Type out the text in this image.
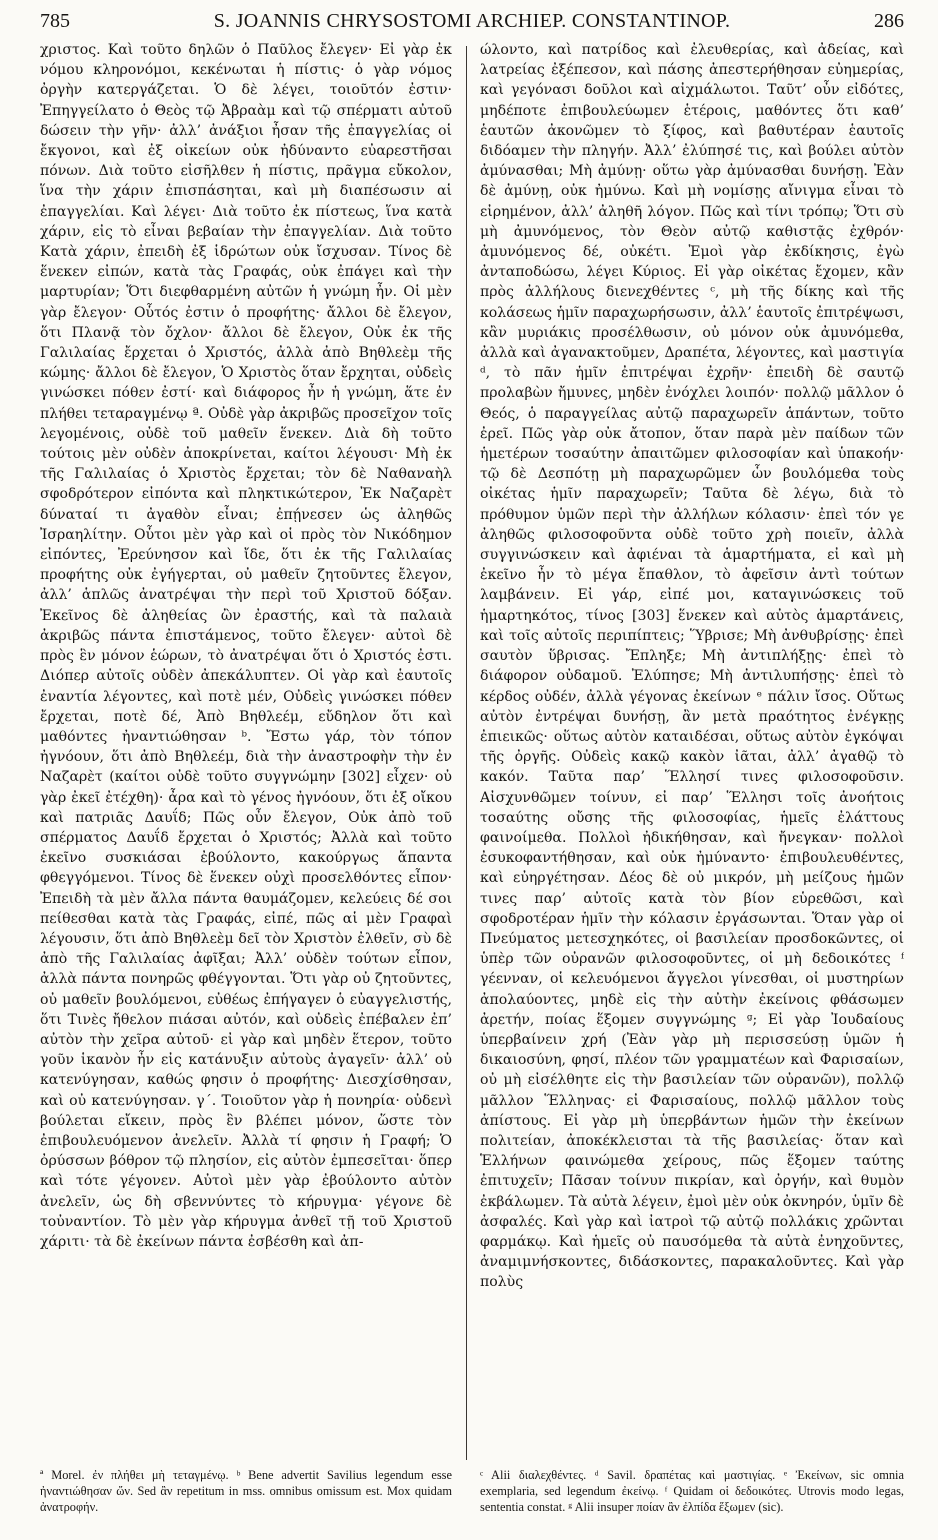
785	S. JOANNIS CHRYSOSTOMI ARCHIEP. CONSTANTINOP.	286

χριστος. Καὶ τοῦτο δηλῶν ὁ Παῦλος ἔλεγεν· Εἰ γὰρ ἐκ νόμου κληρονόμοι, κεκένωται ἡ πίστις· ὁ γὰρ νόμος ὀργὴν κατεργάζεται. Ὁ δὲ λέγει, τοιοῦτόν ἐστιν· Ἐπηγγείλατο ὁ Θεὸς τῷ Ἀβραὰμ καὶ τῷ σπέρματι αὐτοῦ δώσειν τὴν γῆν· ἀλλ’ ἀνάξιοι ἦσαν τῆς ἐπαγγελίας οἱ ἔκγονοι, καὶ ἐξ οἰκείων οὐκ ἠδύναντο εὐαρεστῆσαι πόνων. Διὰ τοῦτο εἰσῆλθεν ἡ πίστις, πρᾶγμα εὔκολον, ἵνα τὴν χάριν ἐπισπάσηται, καὶ μὴ διαπέσωσιν αἱ ἐπαγγελίαι. Καὶ λέγει· Διὰ τοῦτο ἐκ πίστεως, ἵνα κατὰ χάριν, εἰς τὸ εἶναι βεβαίαν τὴν ἐπαγγελίαν. Διὰ τοῦτο Κατὰ χάριν, ἐπειδὴ ἐξ ἱδρώτων οὐκ ἴσχυσαν. Τίνος δὲ ἕνεκεν εἰπών, κατὰ τὰς Γραφάς, οὐκ ἐπάγει καὶ τὴν μαρτυρίαν; Ὅτι διεφθαρμένη αὐτῶν ἡ γνώμη ἦν. Οἱ μὲν γὰρ ἔλεγον· Οὗτός ἐστιν ὁ προφήτης· ἄλλοι δὲ ἔλεγον, ὅτι Πλανᾷ τὸν ὄχλον· ἄλλοι δὲ ἔλεγον, Οὐκ ἐκ τῆς Γαλιλαίας ἔρχεται ὁ Χριστός, ἀλλὰ ἀπὸ Βηθλεὲμ τῆς κώμης· ἄλλοι δὲ ἔλεγον, Ὁ Χριστὸς ὅταν ἔρχηται, οὐδεὶς γινώσκει πόθεν ἐστί· καὶ διάφορος ἦν ἡ γνώμη, ἅτε ἐν πλήθει τεταραγμένῳ ª. Οὐδὲ γὰρ ἀκριβῶς προσεῖχον τοῖς λεγομένοις, οὐδὲ τοῦ μαθεῖν ἕνεκεν. Διὰ δὴ τοῦτο τούτοις μὲν οὐδὲν ἀποκρίνεται, καίτοι λέγουσι· Μὴ ἐκ τῆς Γαλιλαίας ὁ Χριστὸς ἔρχεται; τὸν δὲ Ναθαναὴλ σφοδρότερον εἰπόντα καὶ πληκτικώτερον, Ἐκ Ναζαρὲτ δύναταί τι ἀγαθὸν εἶναι; ἐπῄνεσεν ὡς ἀληθῶς Ἰσραηλίτην. Οὗτοι μὲν γὰρ καὶ οἱ πρὸς τὸν Νικόδημον εἰπόντες, Ἐρεύνησον καὶ ἴδε, ὅτι ἐκ τῆς Γαλιλαίας προφήτης οὐκ ἐγήγερται, οὐ μαθεῖν ζητοῦντες ἔλεγον, ἀλλ’ ἁπλῶς ἀνατρέψαι τὴν περὶ τοῦ Χριστοῦ δόξαν. Ἐκεῖνος δὲ ἀληθείας ὢν ἐραστής, καὶ τὰ παλαιὰ ἀκριβῶς πάντα ἐπιστάμενος, τοῦτο ἔλεγεν· αὐτοὶ δὲ πρὸς ἓν μόνον ἑώρων, τὸ ἀνατρέψαι ὅτι ὁ Χριστός ἐστι. Διόπερ αὐτοῖς οὐδὲν ἀπεκάλυπτεν. Οἱ γὰρ καὶ ἑαυτοῖς ἐναντία λέγοντες, καὶ ποτὲ μέν, Οὐδεὶς γινώσκει πόθεν ἔρχεται, ποτὲ δέ, Ἀπὸ Βηθλεέμ, εὔδηλον ὅτι καὶ μαθόντες ἠναντιώθησαν ᵇ. Ἔστω γάρ, τὸν τόπον ἠγνόουν, ὅτι ἀπὸ Βηθλεέμ, διὰ τὴν ἀναστροφὴν τὴν ἐν Ναζαρὲτ (καίτοι οὐδὲ τοῦτο συγγνώμην [302] εἶχεν· οὐ γὰρ ἐκεῖ ἐτέχθη)· ἆρα καὶ τὸ γένος ἠγνόουν, ὅτι ἐξ οἴκου καὶ πατριᾶς Δαυΐδ; Πῶς οὖν ἔλεγον, Οὐκ ἀπὸ τοῦ σπέρματος Δαυΐδ ἔρχεται ὁ Χριστός; Ἀλλὰ καὶ τοῦτο ἐκεῖνο συσκιάσαι ἐβούλοντο, κακούργως ἅπαντα φθεγγόμενοι. Τίνος δὲ ἕνεκεν οὐχὶ προσελθόντες εἶπον· Ἐπειδὴ τὰ μὲν ἄλλα πάντα θαυμάζομεν, κελεύεις δέ σοι πείθεσθαι κατὰ τὰς Γραφάς, εἰπέ, πῶς αἱ μὲν Γραφαὶ λέγουσιν, ὅτι ἀπὸ Βηθλεὲμ δεῖ τὸν Χριστὸν ἐλθεῖν, σὺ δὲ ἀπὸ τῆς Γαλιλαίας ἀφῖξαι; Ἀλλ’ οὐδὲν τούτων εἶπον, ἀλλὰ πάντα πονηρῶς φθέγγονται. Ὅτι γὰρ οὐ ζητοῦντες, οὐ μαθεῖν βουλόμενοι, εὐθέως ἐπήγαγεν ὁ εὐαγγελιστής, ὅτι Τινὲς ἤθελον πιάσαι αὐτόν, καὶ οὐδεὶς ἐπέβαλεν ἐπ’ αὐτὸν τὴν χεῖρα αὐτοῦ· εἰ γὰρ καὶ μηδὲν ἕτερον, τοῦτο γοῦν ἱκανὸν ἦν εἰς κατάνυξιν αὐτοὺς ἀγαγεῖν· ἀλλ’ οὐ κατενύγησαν, καθώς φησιν ὁ προφήτης· Διεσχίσθησαν, καὶ οὐ κατενύγησαν. γ΄. Τοιοῦτον γὰρ ἡ πονηρία· οὐδενὶ βούλεται εἴκειν, πρὸς ἓν βλέπει μόνον, ὥστε τὸν ἐπιβουλευόμενον ἀνελεῖν. Ἀλλὰ τί φησιν ἡ Γραφή; Ὁ ὀρύσσων βόθρον τῷ πλησίον, εἰς αὐτὸν ἐμπεσεῖται· ὅπερ καὶ τότε γέγονεν. Αὐτοὶ μὲν γὰρ ἐβούλοντο αὐτὸν ἀνελεῖν, ὡς δὴ σβεννύντες τὸ κήρυγμα· γέγονε δὲ τοὐναντίον. Τὸ μὲν γὰρ κήρυγμα ἀνθεῖ τῇ τοῦ Χριστοῦ χάριτι· τὰ δὲ ἐκείνων πάντα ἐσβέσθη καὶ ἀπ-

ώλοντο, καὶ πατρίδος καὶ ἐλευθερίας, καὶ ἀδείας, καὶ λατρείας ἐξέπεσον, καὶ πάσης ἀπεστερήθησαν εὐημερίας, καὶ γεγόνασι δοῦλοι καὶ αἰχμάλωτοι. Ταῦτ’ οὖν εἰδότες, μηδέποτε ἐπιβουλεύωμεν ἑτέροις, μαθόντες ὅτι καθ’ ἑαυτῶν ἀκονῶμεν τὸ ξίφος, καὶ βαθυτέραν ἑαυτοῖς διδόαμεν τὴν πληγήν. Ἀλλ’ ἐλύπησέ τις, καὶ βούλει αὐτὸν ἀμύνασθαι; Μὴ ἀμύνῃ· οὕτω γὰρ ἀμύνασθαι δυνήσῃ. Ἐὰν δὲ ἀμύνῃ, οὐκ ἠμύνω. Καὶ μὴ νομίσῃς αἴνιγμα εἶναι τὸ εἰρημένον, ἀλλ’ ἀληθῆ λόγον. Πῶς καὶ τίνι τρόπῳ; Ὅτι σὺ μὴ ἀμυνόμενος, τὸν Θεὸν αὐτῷ καθιστᾷς ἐχθρόν· ἀμυνόμενος δέ, οὐκέτι. Ἐμοὶ γὰρ ἐκδίκησις, ἐγὼ ἀνταποδώσω, λέγει Κύριος. Εἰ γὰρ οἰκέτας ἔχομεν, κἂν πρὸς ἀλλήλους διενεχθέντες ᶜ, μὴ τῆς δίκης καὶ τῆς κολάσεως ἡμῖν παραχωρήσωσιν, ἀλλ’ ἑαυτοῖς ἐπιτρέψωσι, κἂν μυριάκις προσέλθωσιν, οὐ μόνον οὐκ ἀμυνόμεθα, ἀλλὰ καὶ ἀγανακτοῦμεν, Δραπέτα, λέγοντες, καὶ μαστιγία ᵈ, τὸ πᾶν ἡμῖν ἐπιτρέψαι ἐχρῆν· ἐπειδὴ δὲ σαυτῷ προλαβὼν ἤμυνες, μηδὲν ἐνόχλει λοιπόν· πολλῷ μᾶλλον ὁ Θεός, ὁ παραγγείλας αὐτῷ παραχωρεῖν ἁπάντων, τοῦτο ἐρεῖ. Πῶς γὰρ οὐκ ἄτοπον, ὅταν παρὰ μὲν παίδων τῶν ἡμετέρων τοσαύτην ἀπαιτῶμεν φιλοσοφίαν καὶ ὑπακοήν· τῷ δὲ Δεσπότῃ μὴ παραχωρῶμεν ὧν βουλόμεθα τοὺς οἰκέτας ἡμῖν παραχωρεῖν; Ταῦτα δὲ λέγω, διὰ τὸ πρόθυμον ὑμῶν περὶ τὴν ἀλλήλων κόλασιν· ἐπεὶ τόν γε ἀληθῶς φιλοσοφοῦντα οὐδὲ τοῦτο χρὴ ποιεῖν, ἀλλὰ συγγινώσκειν καὶ ἀφιέναι τὰ ἁμαρτήματα, εἰ καὶ μὴ ἐκεῖνο ἦν τὸ μέγα ἔπαθλον, τὸ ἀφεῖσιν ἀντὶ τούτων λαμβάνειν. Εἰ γάρ, εἰπέ μοι, καταγινώσκεις τοῦ ἡμαρτηκότος, τίνος [303] ἕνεκεν καὶ αὐτὸς ἁμαρτάνεις, καὶ τοῖς αὐτοῖς περιπίπτεις; Ὕβρισε; Μὴ ἀνθυβρίσῃς· ἐπεὶ σαυτὸν ὕβρισας. Ἔπληξε; Μὴ ἀντιπλήξῃς· ἐπεὶ τὸ διάφορον οὐδαμοῦ. Ἐλύπησε; Μὴ ἀντιλυπήσῃς· ἐπεὶ τὸ κέρδος οὐδέν, ἀλλὰ γέγονας ἐκείνων ᵉ πάλιν ἴσος. Οὕτως αὐτὸν ἐντρέψαι δυνήσῃ, ἂν μετὰ πραότητος ἐνέγκῃς ἐπιεικῶς· οὕτως αὐτὸν καταιδέσαι, οὕτως αὐτὸν ἐγκόψαι τῆς ὀργῆς. Οὐδεὶς κακῷ κακὸν ἰᾶται, ἀλλ’ ἀγαθῷ τὸ κακόν. Ταῦτα παρ’ Ἕλλησί τινες φιλοσοφοῦσιν. Αἰσχυνθῶμεν τοίνυν, εἰ παρ’ Ἕλλησι τοῖς ἀνοήτοις τοσαύτης οὔσης τῆς φιλοσοφίας, ἡμεῖς ἐλάττους φαινοίμεθα. Πολλοὶ ἠδικήθησαν, καὶ ἤνεγκαν· πολλοὶ ἐσυκοφαντήθησαν, καὶ οὐκ ἠμύναντο· ἐπιβουλευθέντες, καὶ εὐηργέτησαν. Δέος δὲ οὐ μικρόν, μὴ μείζους ἡμῶν τινες παρ’ αὐτοῖς κατὰ τὸν βίον εὑρεθῶσι, καὶ σφοδροτέραν ἡμῖν τὴν κόλασιν ἐργάσωνται. Ὅταν γὰρ οἱ Πνεύματος μετεσχηκότες, οἱ βασιλείαν προσδοκῶντες, οἱ ὑπὲρ τῶν οὐρανῶν φιλοσοφοῦντες, οἱ μὴ δεδοικότες ᶠ γέενναν, οἱ κελευόμενοι ἄγγελοι γίνεσθαι, οἱ μυστηρίων ἀπολαύοντες, μηδὲ εἰς τὴν αὐτὴν ἐκείνοις φθάσωμεν ἀρετήν, ποίας ἕξομεν συγγνώμης ᵍ; Εἰ γὰρ Ἰουδαίους ὑπερβαίνειν χρή (Ἐὰν γὰρ μὴ περισσεύσῃ ὑμῶν ἡ δικαιοσύνη, φησί, πλέον τῶν γραμματέων καὶ Φαρισαίων, οὐ μὴ εἰσέλθητε εἰς τὴν βασιλείαν τῶν οὐρανῶν), πολλῷ μᾶλλον Ἕλληνας· εἰ Φαρισαίους, πολλῷ μᾶλλον τοὺς ἀπίστους. Εἰ γὰρ μὴ ὑπερβάντων ἡμῶν τὴν ἐκείνων πολιτείαν, ἀποκέκλεισται τὰ τῆς βασιλείας· ὅταν καὶ Ἑλλήνων φαινώμεθα χείρους, πῶς ἕξομεν ταύτης ἐπιτυχεῖν; Πᾶσαν τοίνυν πικρίαν, καὶ ὀργήν, καὶ θυμὸν ἐκβάλωμεν. Τὰ αὐτὰ λέγειν, ἐμοὶ μὲν οὐκ ὀκνηρόν, ὑμῖν δὲ ἀσφαλές. Καὶ γὰρ καὶ ἰατροὶ τῷ αὐτῷ πολλάκις χρῶνται φαρμάκῳ. Καὶ ἡμεῖς οὐ παυσόμεθα τὰ αὐτὰ ἐνηχοῦντες, ἀναμιμνήσκοντες, διδάσκοντες, παρακαλοῦντες. Καὶ γὰρ πολὺς

ª Morel. ἐν πλήθει μὴ τεταγμένῳ. ᵇ Bene advertit Savilius legendum esse ἠναντιώθησαν ὤν. Sed ἂν repetitum in mss. omnibus omissum est. Mox quidam ἀνατροφήν.

ᶜ Alii διαλεχθέντες. ᵈ Savil. δραπέτας καὶ μαστιγίας. ᵉ Ἐκείνων, sic omnia exemplaria, sed legendum ἐκείνῳ. ᶠ Quidam οἱ δεδοικότες. Utrovis modo legas, sententia constat. ᵍ Alii insuper ποίαν ἂν ἐλπίδα ἕξωμεν (sic).
